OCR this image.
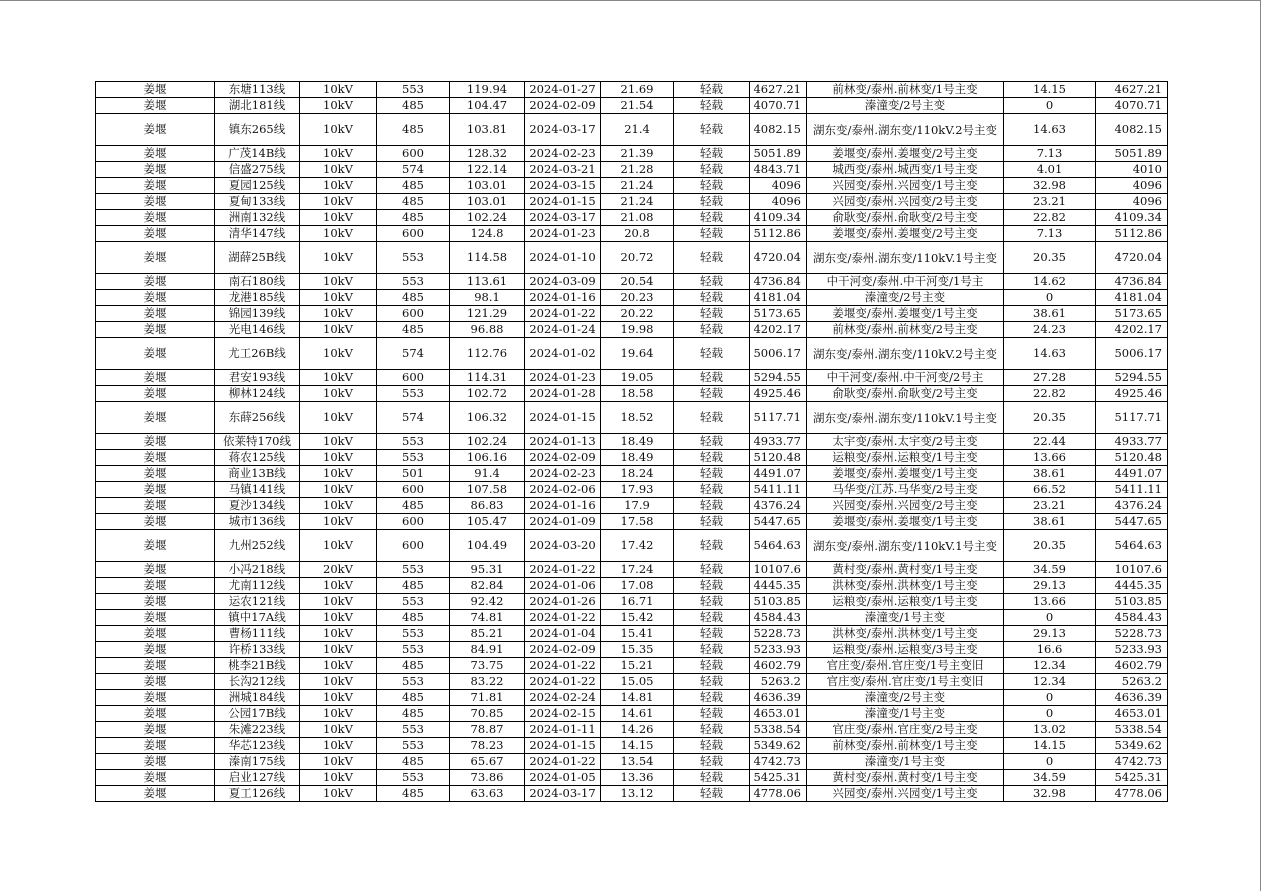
姜堰	东塘113线	10kV	553	119.94	2024-01-27	21.69	轻载	4627.21	前林变/泰州.前林变/1号主变	14.15	4627.21
姜堰	湖北181线	10kV	485	104.47	2024-02-09	21.54	轻载	4070.71	溱潼变/2号主变	0	4070.71
姜堰	镇东265线	10kV	485	103.81	2024-03-17	21.4	轻载	4082.15	湖东变/泰州.湖东变/110kV.2号主变	14.63	4082.15
姜堰	广茂14B线	10kV	600	128.32	2024-02-23	21.39	轻载	5051.89	姜堰变/泰州.姜堰变/2号主变	7.13	5051.89
姜堰	信盛275线	10kV	574	122.14	2024-03-21	21.28	轻载	4843.71	城西变/泰州.城西变/1号主变	4.01	4010
姜堰	夏园125线	10kV	485	103.01	2024-03-15	21.24	轻载	4096	兴园变/泰州.兴园变/1号主变	32.98	4096
姜堰	夏甸133线	10kV	485	103.01	2024-01-15	21.24	轻载	4096	兴园变/泰州.兴园变/2号主变	23.21	4096
姜堰	洲南132线	10kV	485	102.24	2024-03-17	21.08	轻载	4109.34	俞耿变/泰州.俞耿变/2号主变	22.82	4109.34
姜堰	清华147线	10kV	600	124.8	2024-01-23	20.8	轻载	5112.86	姜堰变/泰州.姜堰变/2号主变	7.13	5112.86
姜堰	湖薛25B线	10kV	553	114.58	2024-01-10	20.72	轻载	4720.04	湖东变/泰州.湖东变/110kV.1号主变	20.35	4720.04
姜堰	南石180线	10kV	553	113.61	2024-03-09	20.54	轻载	4736.84	中干河变/泰州.中干河变/1号主	14.62	4736.84
姜堰	龙港185线	10kV	485	98.1	2024-01-16	20.23	轻载	4181.04	溱潼变/2号主变	0	4181.04
姜堰	锦园139线	10kV	600	121.29	2024-01-22	20.22	轻载	5173.65	姜堰变/泰州.姜堰变/1号主变	38.61	5173.65
姜堰	光电146线	10kV	485	96.88	2024-01-24	19.98	轻载	4202.17	前林变/泰州.前林变/2号主变	24.23	4202.17
姜堰	尤工26B线	10kV	574	112.76	2024-01-02	19.64	轻载	5006.17	湖东变/泰州.湖东变/110kV.2号主变	14.63	5006.17
姜堰	君安193线	10kV	600	114.31	2024-01-23	19.05	轻载	5294.55	中干河变/泰州.中干河变/2号主	27.28	5294.55
姜堰	柳林124线	10kV	553	102.72	2024-01-28	18.58	轻载	4925.46	俞耿变/泰州.俞耿变/2号主变	22.82	4925.46
姜堰	东薛256线	10kV	574	106.32	2024-01-15	18.52	轻载	5117.71	湖东变/泰州.湖东变/110kV.1号主变	20.35	5117.71
姜堰	依莱特170线	10kV	553	102.24	2024-01-13	18.49	轻载	4933.77	太宇变/泰州.太宇变/2号主变	22.44	4933.77
姜堰	蒋农125线	10kV	553	106.16	2024-02-09	18.49	轻载	5120.48	运粮变/泰州.运粮变/1号主变	13.66	5120.48
姜堰	商业13B线	10kV	501	91.4	2024-02-23	18.24	轻载	4491.07	姜堰变/泰州.姜堰变/1号主变	38.61	4491.07
姜堰	马镇141线	10kV	600	107.58	2024-02-06	17.93	轻载	5411.11	马华变/江苏.马华变/2号主变	66.52	5411.11
姜堰	夏沙134线	10kV	485	86.83	2024-01-16	17.9	轻载	4376.24	兴园变/泰州.兴园变/2号主变	23.21	4376.24
姜堰	城市136线	10kV	600	105.47	2024-01-09	17.58	轻载	5447.65	姜堰变/泰州.姜堰变/1号主变	38.61	5447.65
姜堰	九州252线	10kV	600	104.49	2024-03-20	17.42	轻载	5464.63	湖东变/泰州.湖东变/110kV.1号主变	20.35	5464.63
姜堰	小冯218线	20kV	553	95.31	2024-01-22	17.24	轻载	10107.6	黄村变/泰州.黄村变/1号主变	34.59	10107.6
姜堰	尤南112线	10kV	485	82.84	2024-01-06	17.08	轻载	4445.35	洪林变/泰州.洪林变/1号主变	29.13	4445.35
姜堰	运农121线	10kV	553	92.42	2024-01-26	16.71	轻载	5103.85	运粮变/泰州.运粮变/1号主变	13.66	5103.85
姜堰	镇中17A线	10kV	485	74.81	2024-01-22	15.42	轻载	4584.43	溱潼变/1号主变	0	4584.43
姜堰	曹杨111线	10kV	553	85.21	2024-01-04	15.41	轻载	5228.73	洪林变/泰州.洪林变/1号主变	29.13	5228.73
姜堰	许桥133线	10kV	553	84.91	2024-02-09	15.35	轻载	5233.93	运粮变/泰州.运粮变/3号主变	16.6	5233.93
姜堰	桃李21B线	10kV	485	73.75	2024-01-22	15.21	轻载	4602.79	官庄变/泰州.官庄变/1号主变旧	12.34	4602.79
姜堰	长沟212线	10kV	553	83.22	2024-01-22	15.05	轻载	5263.2	官庄变/泰州.官庄变/1号主变旧	12.34	5263.2
姜堰	洲城184线	10kV	485	71.81	2024-02-24	14.81	轻载	4636.39	溱潼变/2号主变	0	4636.39
姜堰	公园17B线	10kV	485	70.85	2024-02-15	14.61	轻载	4653.01	溱潼变/1号主变	0	4653.01
姜堰	朱滩223线	10kV	553	78.87	2024-01-11	14.26	轻载	5338.54	官庄变/泰州.官庄变/2号主变	13.02	5338.54
姜堰	华芯123线	10kV	553	78.23	2024-01-15	14.15	轻载	5349.62	前林变/泰州.前林变/1号主变	14.15	5349.62
姜堰	溱南175线	10kV	485	65.67	2024-01-22	13.54	轻载	4742.73	溱潼变/1号主变	0	4742.73
姜堰	启业127线	10kV	553	73.86	2024-01-05	13.36	轻载	5425.31	黄村变/泰州.黄村变/1号主变	34.59	5425.31
姜堰	夏工126线	10kV	485	63.63	2024-03-17	13.12	轻载	4778.06	兴园变/泰州.兴园变/1号主变	32.98	4778.06
